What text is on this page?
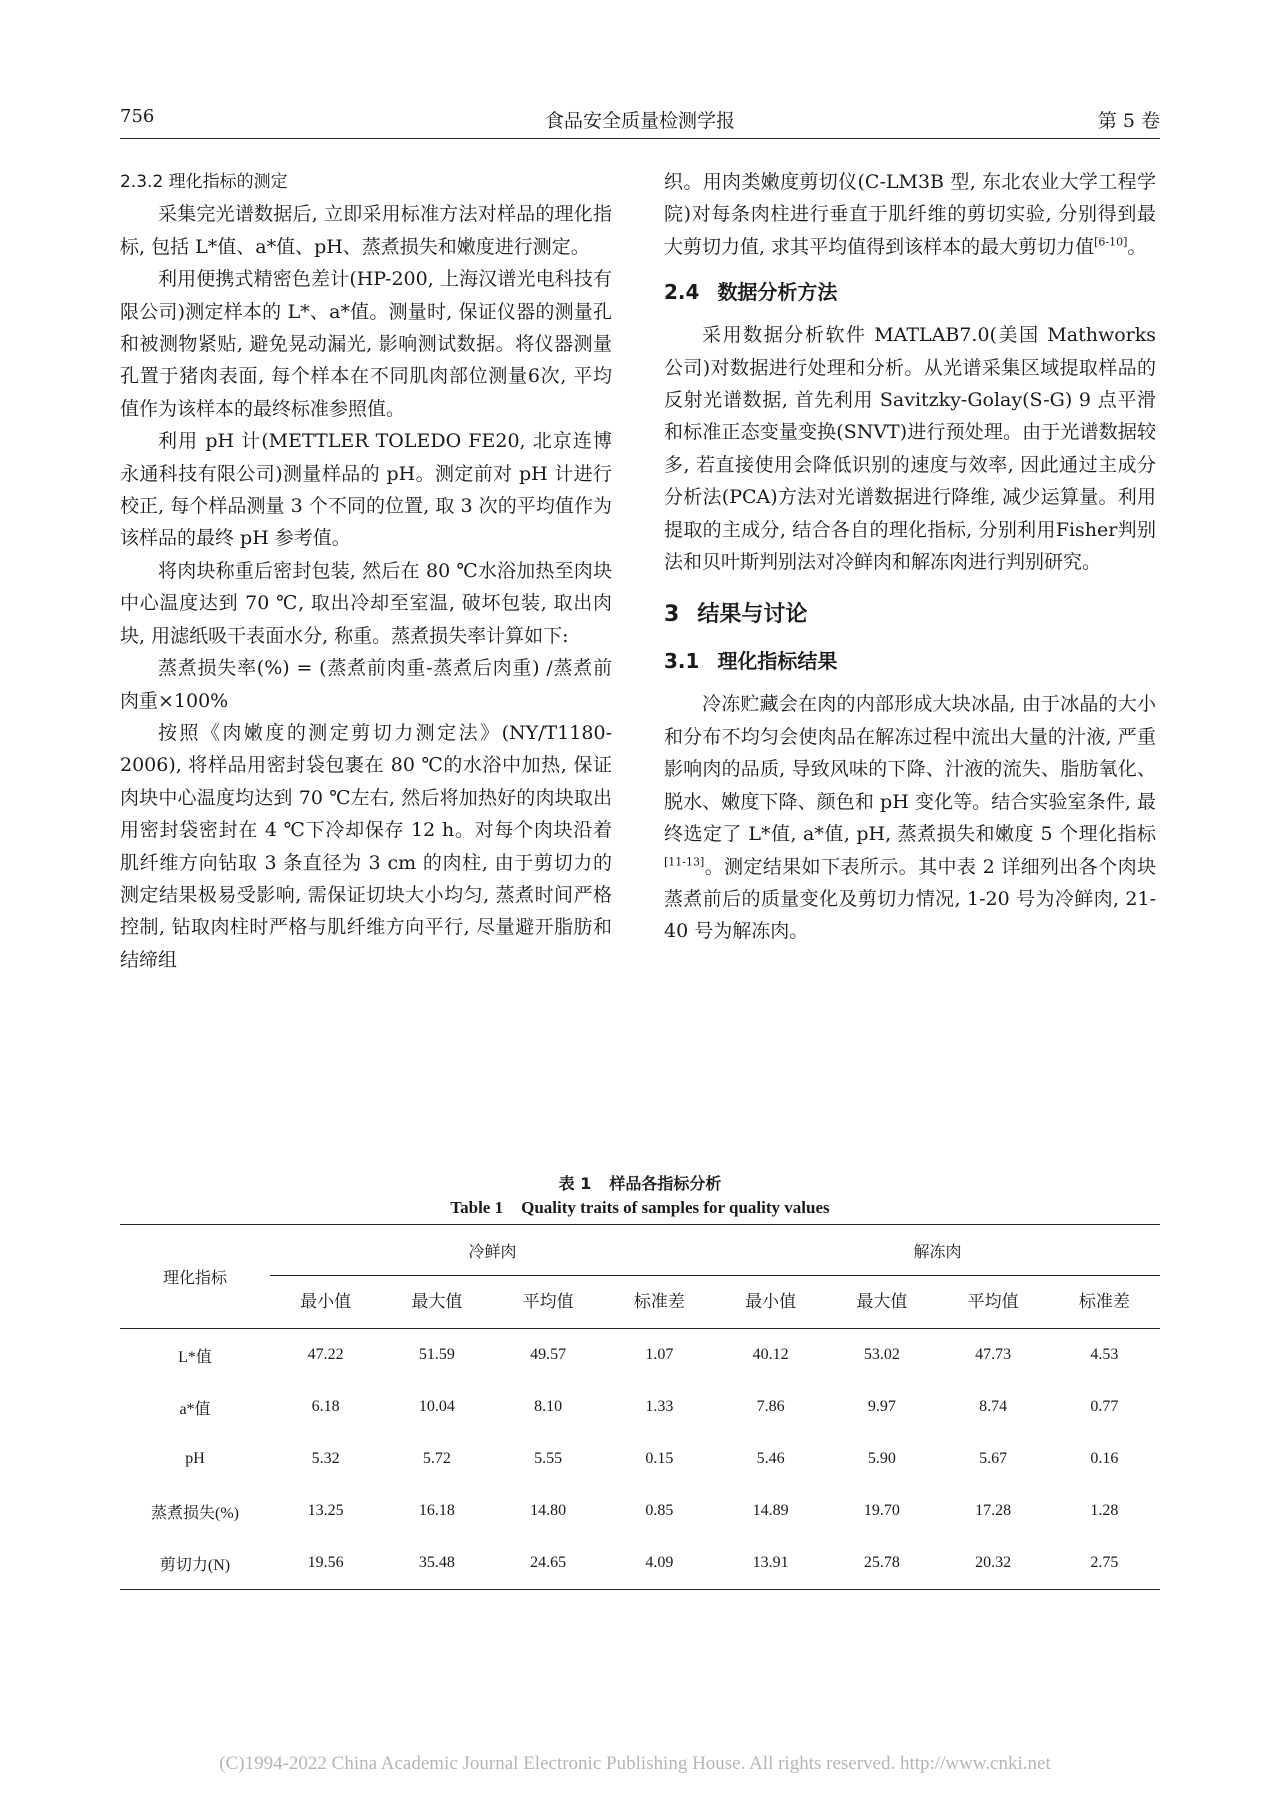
756	食品安全质量检测学报	第 5 卷

2.3.2 理化指标的测定

采集完光谱数据后, 立即采用标准方法对样品的理化指标, 包括 L*值、a*值、pH、蒸煮损失和嫩度进行测定。

利用便携式精密色差计(HP-200, 上海汉谱光电科技有限公司)测定样本的 L*、a*值。测量时, 保证仪器的测量孔和被测物紧贴, 避免晃动漏光, 影响测试数据。将仪器测量孔置于猪肉表面, 每个样本在不同肌肉部位测量6次, 平均值作为该样本的最终标准参照值。

利用 pH 计(METTLER TOLEDO FE20, 北京连博永通科技有限公司)测量样品的 pH。测定前对 pH 计进行校正, 每个样品测量 3 个不同的位置, 取 3 次的平均值作为该样品的最终 pH 参考值。

将肉块称重后密封包装, 然后在 80 ℃水浴加热至肉块中心温度达到 70 ℃, 取出冷却至室温, 破坏包装, 取出肉块, 用滤纸吸干表面水分, 称重。蒸煮损失率计算如下:

蒸煮损失率(%) = (蒸煮前肉重-蒸煮后肉重) /蒸煮前肉重×100%

按照《肉嫩度的测定剪切力测定法》(NY/T1180-2006), 将样品用密封袋包裹在 80 ℃的水浴中加热, 保证肉块中心温度均达到 70 ℃左右, 然后将加热好的肉块取出用密封袋密封在 4 ℃下冷却保存 12 h。对每个肉块沿着肌纤维方向钻取 3 条直径为 3 cm 的肉柱, 由于剪切力的测定结果极易受影响, 需保证切块大小均匀, 蒸煮时间严格控制, 钻取肉柱时严格与肌纤维方向平行, 尽量避开脂肪和结缔组

织。用肉类嫩度剪切仪(C-LM3B 型, 东北农业大学工程学院)对每条肉柱进行垂直于肌纤维的剪切实验, 分别得到最大剪切力值, 求其平均值得到该样本的最大剪切力值[6-10]。

2.4 数据分析方法

采用数据分析软件 MATLAB7.0(美国 Mathworks 公司)对数据进行处理和分析。从光谱采集区域提取样品的反射光谱数据, 首先利用 Savitzky-Golay(S-G) 9 点平滑和标准正态变量变换(SNVT)进行预处理。由于光谱数据较多, 若直接使用会降低识别的速度与效率, 因此通过主成分分析法(PCA)方法对光谱数据进行降维, 减少运算量。利用提取的主成分, 结合各自的理化指标, 分别利用Fisher判别法和贝叶斯判别法对冷鲜肉和解冻肉进行判别研究。

3 结果与讨论
3.1 理化指标结果

冷冻贮藏会在肉的内部形成大块冰晶, 由于冰晶的大小和分布不均匀会使肉品在解冻过程中流出大量的汁液, 严重影响肉的品质, 导致风味的下降、汁液的流失、脂肪氧化、脱水、嫩度下降、颜色和 pH 变化等。结合实验室条件, 最终选定了 L*值, a*值, pH, 蒸煮损失和嫩度 5 个理化指标[11-13]。测定结果如下表所示。其中表 2 详细列出各个肉块蒸煮前后的质量变化及剪切力情况, 1-20 号为冷鲜肉, 21-40 号为解冻肉。

表 1 样品各指标分析
Table 1 Quality traits of samples for quality values
理化指标	冷鲜肉				解冻肉			
	最小值	最大值	平均值	标准差	最小值	最大值	平均值	标准差
L*值	47.22	51.59	49.57	1.07	40.12	53.02	47.73	4.53
a*值	6.18	10.04	8.10	1.33	7.86	9.97	8.74	0.77
pH	5.32	5.72	5.55	0.15	5.46	5.90	5.67	0.16
蒸煮损失(%)	13.25	16.18	14.80	0.85	14.89	19.70	17.28	1.28
剪切力(N)	19.56	35.48	24.65	4.09	13.91	25.78	20.32	2.75
(C)1994-2022 China Academic Journal Electronic Publishing House. All rights reserved. http://www.cnki.net
